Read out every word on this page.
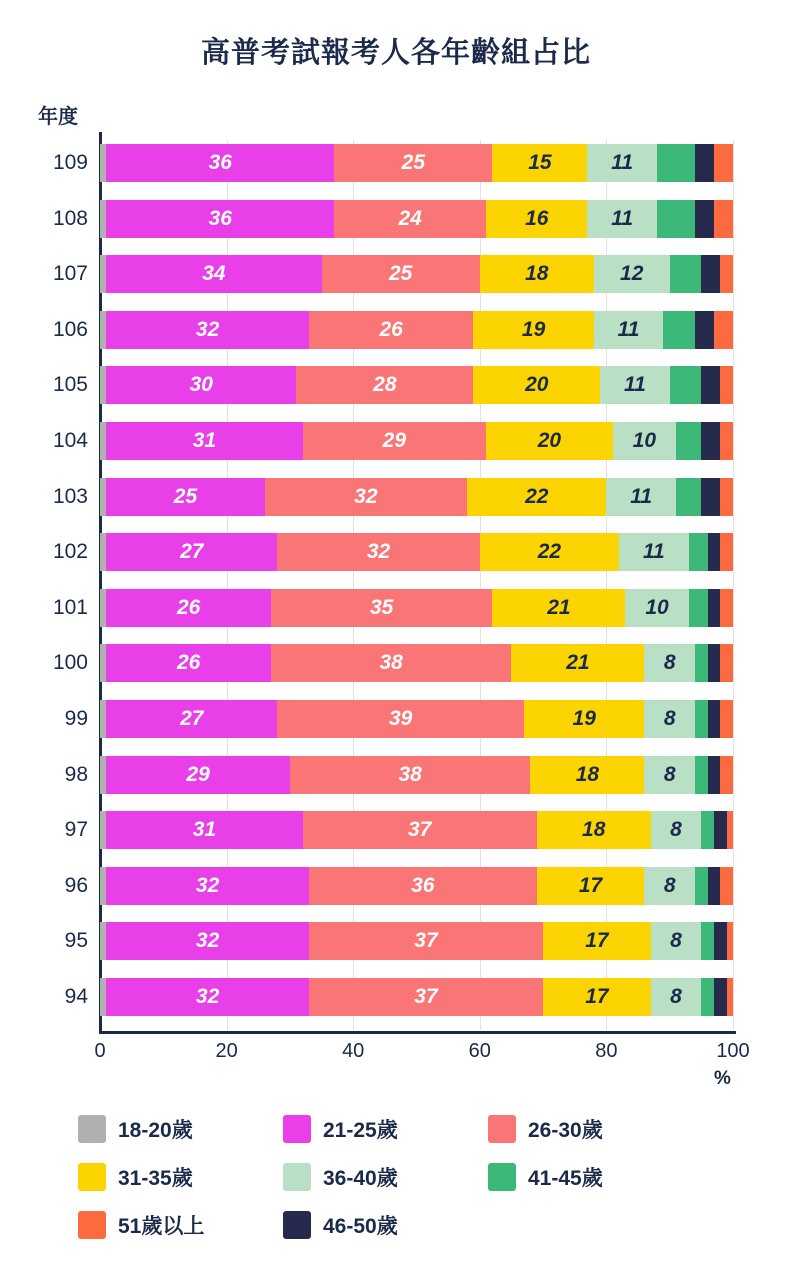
高普考試報考人各年齡組占比
年度
36	25	15	11
36	24	16	11
34	25	18	12
32	26	19	11
30	28	20	11
31	29	20	10
25	32	22	11
27	32	22	11
26	35	21	10
26	38	21	8
27	39	19	8
29	38	18	8
31	37	18	8
32	36	17	8
32	37	17	8
32	37	17	8
109
108
107
106
105
104
103
102
101
100
99
98
97
96
95
94
0	20	40	60	80	100
%
18-20歲	21-25歲	26-30歲
31-35歲	36-40歲	41-45歲
51歲以上	46-50歲
